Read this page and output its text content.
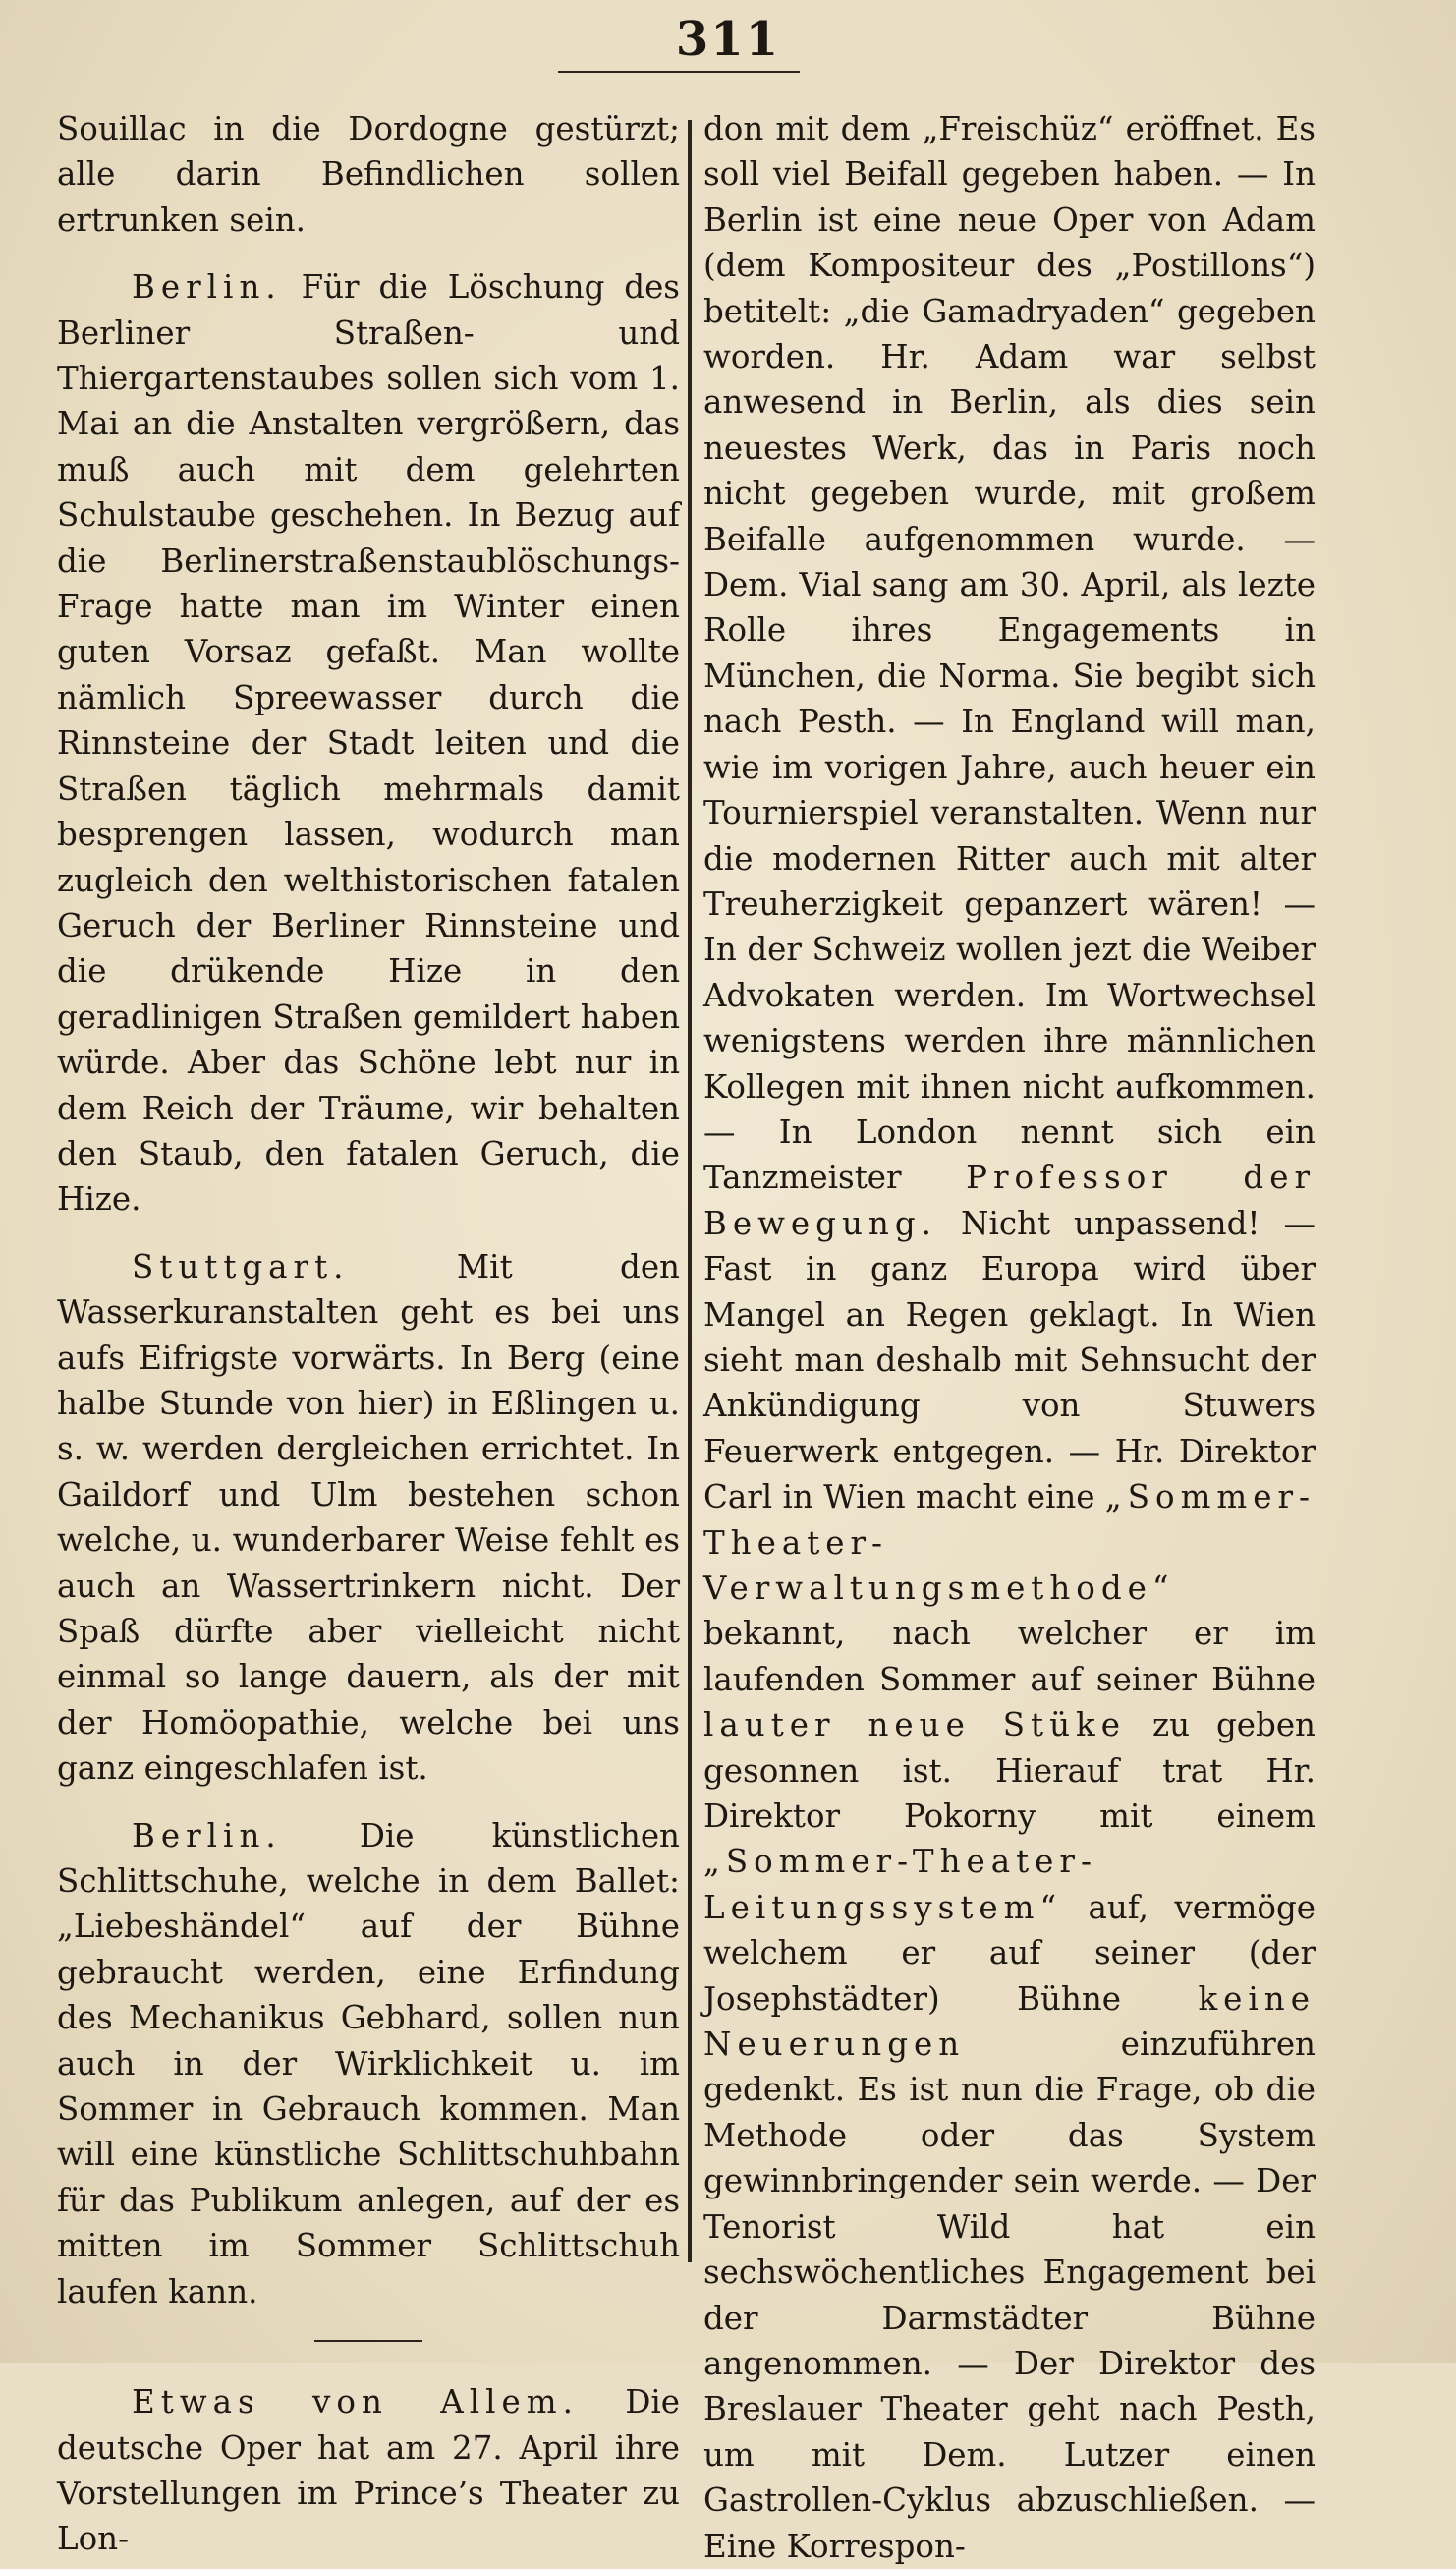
311

Souillac in die Dordogne gestürzt; alle darin Befindlichen sollen ertrunken sein.

Berlin. Für die Löschung des Berliner Straßen- und Thiergartenstaubes sollen sich vom 1. Mai an die Anstalten vergrößern, das muß auch mit dem gelehrten Schulstaube geschehen. In Bezug auf die Berlinerstraßenstaublöschungs-Frage hatte man im Winter einen guten Vorsaz gefaßt. Man wollte nämlich Spreewasser durch die Rinnsteine der Stadt leiten und die Straßen täglich mehrmals damit besprengen lassen, wodurch man zugleich den welthistorischen fatalen Geruch der Berliner Rinnsteine und die drükende Hize in den geradlinigen Straßen gemildert haben würde. Aber das Schöne lebt nur in dem Reich der Träume, wir behalten den Staub, den fatalen Geruch, die Hize.

Stuttgart.	Mit den Wasserkuranstalten geht es bei uns aufs Eifrigste vorwärts. In Berg (eine halbe Stunde von hier) in Eßlingen u. s. w. werden dergleichen errichtet. In Gaildorf und Ulm bestehen schon welche, u. wunderbarer Weise fehlt es auch an Wassertrinkern nicht. Der Spaß dürfte aber vielleicht nicht einmal so lange dauern, als der mit der Homöopathie, welche bei uns ganz eingeschlafen ist.

Berlin. Die künstlichen Schlittschuhe, welche in dem Ballet: „Liebeshändel“ auf der Bühne gebraucht werden, eine Erfindung des Mechanikus Gebhard, sollen nun auch in der Wirklichkeit u. im Sommer in Gebrauch kommen. Man will eine künstliche Schlittschuhbahn für das Publikum anlegen, auf der es mitten im Sommer Schlittschuh laufen kann.

Etwas von Allem. Die deutsche Oper hat am 27. April ihre Vorstellungen im Prince’s Theater zu Lon-

don mit dem „Freischüz“ eröffnet. Es soll viel Beifall gegeben haben. — In Berlin ist eine neue Oper von Adam (dem Kompositeur des „Postillons“) betitelt: „die Gamadryaden“ gegeben worden. Hr. Adam war selbst anwesend in Berlin, als dies sein neuestes Werk, das in Paris noch nicht gegeben wurde, mit großem Beifalle aufgenommen wurde. — Dem. Vial sang am 30. April, als lezte Rolle ihres Engagements in München, die Norma. Sie begibt sich nach Pesth. — In England will man, wie im vorigen Jahre, auch heuer ein Tournierspiel veranstalten. Wenn nur die modernen Ritter auch mit alter Treuherzigkeit gepanzert wären! — In der Schweiz wollen jezt die Weiber Advokaten werden. Im Wortwechsel wenigstens werden ihre männlichen Kollegen mit ihnen nicht aufkommen. — In London nennt sich ein Tanzmeister Professor der Bewegung. Nicht unpassend! — Fast in ganz Europa wird über Mangel an Regen geklagt. In Wien sieht man deshalb mit Sehnsucht der Ankündigung von Stuwers Feuerwerk entgegen. — Hr. Direktor Carl in Wien macht eine „Sommer-Theater-Verwaltungsmethode“ bekannt, nach welcher er im laufenden Sommer auf seiner Bühne lauter neue Stüke zu geben gesonnen ist. Hierauf trat Hr. Direktor Pokorny mit einem „Sommer-Theater-Leitungssystem“ auf, vermöge welchem er auf seiner (der Josephstädter) Bühne keine Neuerungen	einzuführen gedenkt. Es ist nun die Frage, ob die Methode oder das System gewinnbringender sein werde. — Der Tenorist Wild hat ein sechswöchentliches Engagement bei der Darmstädter Bühne angenommen. — Der Direktor des Breslauer Theater geht nach Pesth, um mit Dem. Lutzer einen Gastrollen-Cyklus abzuschließen. — Eine Korrespon-
